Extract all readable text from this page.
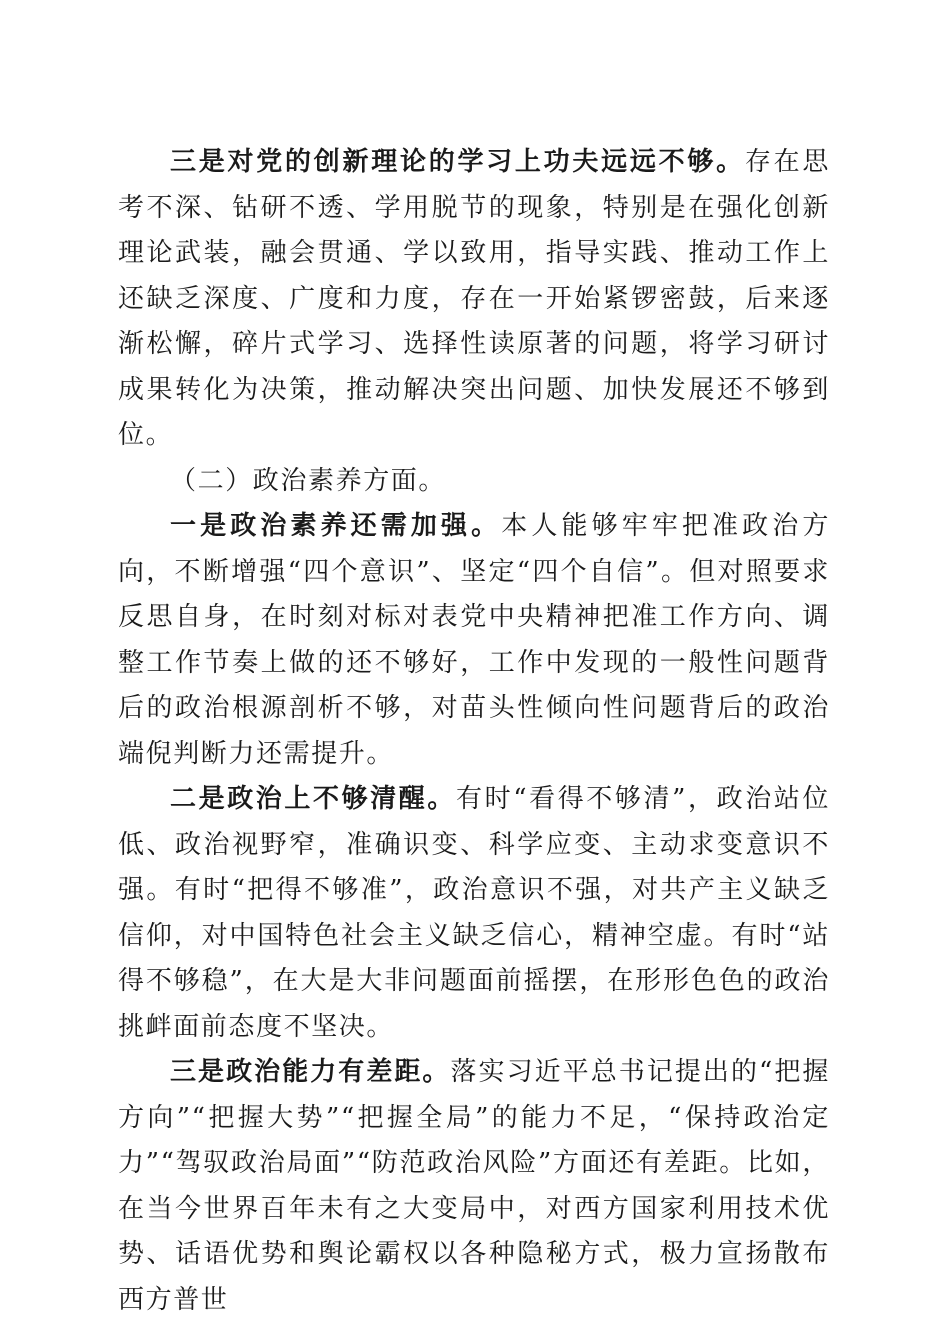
三是对党的创新理论的学习上功夫远远不够。存在思考不深、钻研不透、学用脱节的现象，特别是在强化创新理论武装，融会贯通、学以致用，指导实践、推动工作上还缺乏深度、广度和力度，存在一开始紧锣密鼓，后来逐渐松懈，碎片式学习、选择性读原著的问题，将学习研讨成果转化为决策，推动解决突出问题、加快发展还不够到位。

（二）政治素养方面。

一是政治素养还需加强。本人能够牢牢把准政治方向，不断增强“四个意识”、坚定“四个自信”。但对照要求反思自身，在时刻对标对表党中央精神把准工作方向、调整工作节奏上做的还不够好，工作中发现的一般性问题背后的政治根源剖析不够，对苗头性倾向性问题背后的政治端倪判断力还需提升。

二是政治上不够清醒。有时“看得不够清”，政治站位低、政治视野窄，准确识变、科学应变、主动求变意识不强。有时“把得不够准”，政治意识不强，对共产主义缺乏信仰，对中国特色社会主义缺乏信心，精神空虚。有时“站得不够稳”，在大是大非问题面前摇摆，在形形色色的政治挑衅面前态度不坚决。

三是政治能力有差距。落实习近平总书记提出的“把握方向”“把握大势”“把握全局”的能力不足，“保持政治定力”“驾驭政治局面”“防范政治风险”方面还有差距。比如，在当今世界百年未有之大变局中，对西方国家利用技术优势、话语优势和舆论霸权以各种隐秘方式，极力宣扬散布西方普世
